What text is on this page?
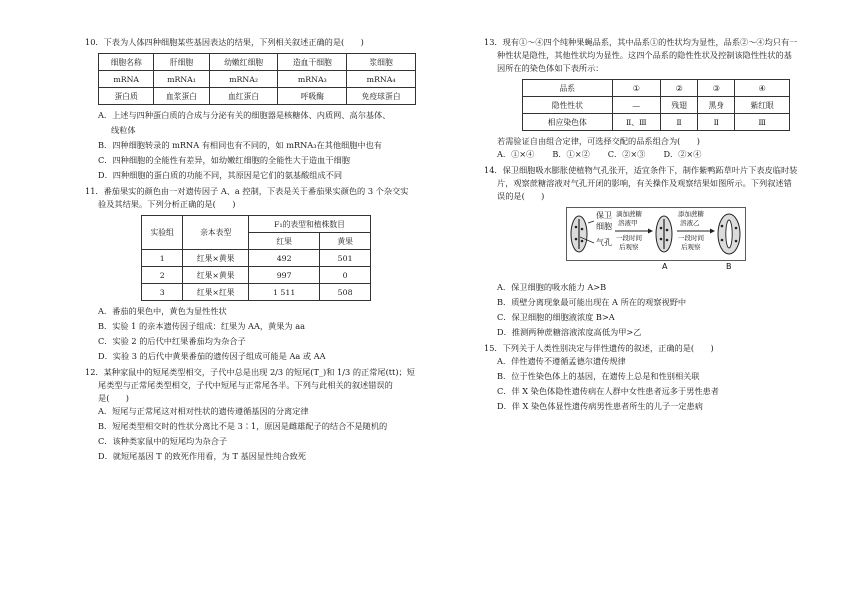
10．下表为人体四种细胞某些基因表达的结果，下列相关叙述正确的是(　　)

细胞名称	肝细胞	幼嫩红细胞	造血干细胞	浆细胞
mRNA	mRNA₁	mRNA₂	mRNA₃	mRNA₄
蛋白质	血浆蛋白	血红蛋白	呼吸酶	免疫球蛋白

A．上述与四种蛋白质的合成与分泌有关的细胞器是核糖体、内质网、高尔基体、

线粒体

B．四种细胞转录的 mRNA 有相同也有不同的，如 mRNA₃在其他细胞中也有

C．四种细胞的全能性有差异，如幼嫩红细胞的全能性大于造血干细胞

D．四种细胞的蛋白质的功能不同，其原因是它们的氨基酸组成不同

11．番茄果实的颜色由一对遗传因子 A、a 控制，下表是关于番茄果实颜色的 3 个杂交实

验及其结果。下列分析正确的是(　　)

实验组	亲本表型	F₁的表型和植株数目	
		红果	黄果
1	红果×黄果	492	501
2	红果×黄果	997	0
3	红果×红果	1 511	508

A．番茄的果色中，黄色为显性性状

B．实验 1 的亲本遗传因子组成：红果为 AA，黄果为 aa

C．实验 2 的后代中红果番茄均为杂合子

D．实验 3 的后代中黄果番茄的遗传因子组成可能是 Aa 或 AA

12．某种家鼠中的短尾类型相交，子代中总是出现 2/3 的短尾(T_)和 1/3 的正常尾(tt)；短

尾类型与正常尾类型相交，子代中短尾与正常尾各半。下列与此相关的叙述错误的

是(　　)

A．短尾与正常尾这对相对性状的遗传遵循基因的分离定律

B．短尾类型相交时的性状分离比不是 3∶1，原因是雌雄配子的结合不是随机的

C．该种类家鼠中的短尾均为杂合子

D．就短尾基因 T 的致死作用看，为 T 基因显性纯合致死

13．现有①～④四个纯种果蝇品系，其中品系①的性状均为显性，品系②～④均只有一

种性状是隐性，其他性状均为显性。这四个品系的隐性性状及控制该隐性性状的基

因所在的染色体如下表所示：

品系	①	②	③	④
隐性性状	—	残翅	黑身	紫红眼
相应染色体	Ⅱ、Ⅲ	Ⅱ	Ⅱ	Ⅲ

若需验证自由组合定律，可选择交配的品系组合为(　　)

A．①×④ B．①×② C．②×③ D．②×④

14．保卫细胞吸水膨胀使植物气孔张开，适宜条件下，制作紫鸭跖草叶片下表皮临时装

片，观察蔗糖溶液对气孔开闭的影响，有关操作及观察结果如图所示。下列叙述错

误的是(　　)

保卫
细胞
气孔
滴加蔗糖
溶液甲
一段时间
后观察
添加蔗糖
溶液乙
一段时间
后观察
A	B

A．保卫细胞的吸水能力 A>B

B．质壁分离现象最可能出现在 A 所在的观察视野中

C．保卫细胞的细胞液浓度 B>A

D．推测两种蔗糖溶液浓度高低为甲>乙

15．下列关于人类性别决定与伴性遗传的叙述，正确的是(　　)

A．伴性遗传不遵循孟德尔遗传规律

B．位于性染色体上的基因，在遗传上总是和性别相关联

C．伴 X 染色体隐性遗传病在人群中女性患者远多于男性患者

D．伴 X 染色体显性遗传病男性患者所生的儿子一定患病
